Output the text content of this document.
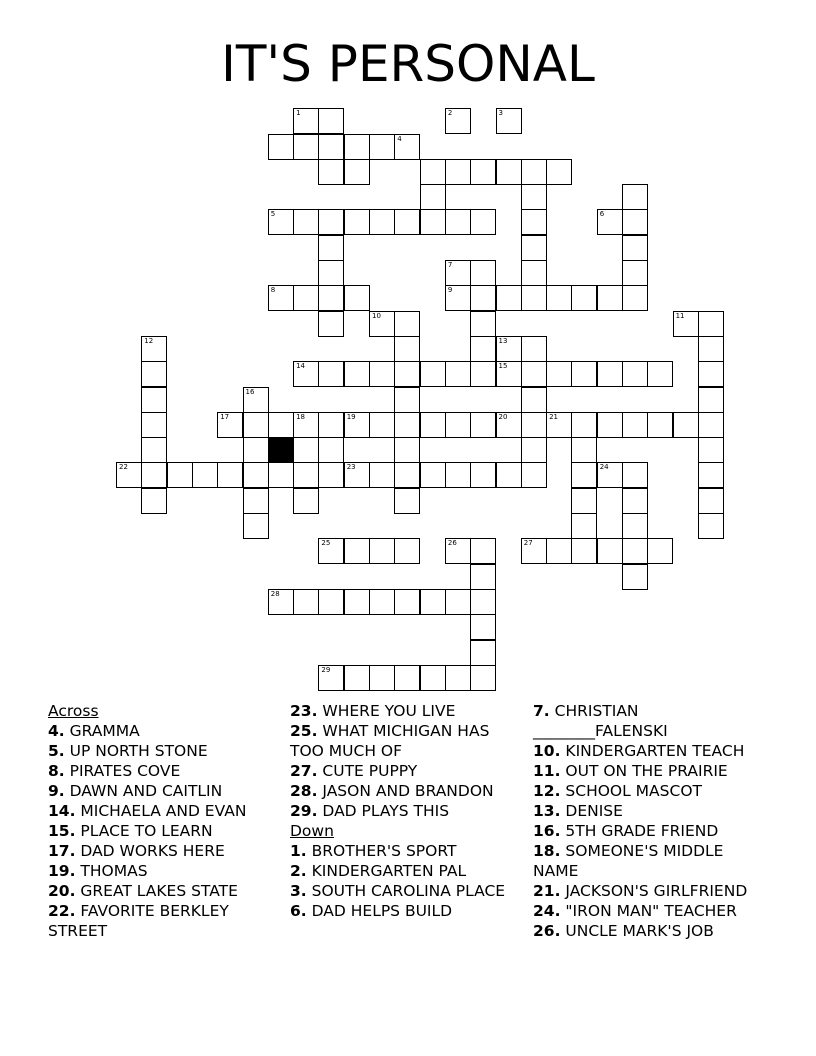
IT'S PERSONAL
4
8
12
16
17	18	21
22
25
28
29
1	2	3
5	6
7
9
10	11
13
14	15
19	20
23	24
26	27
Across
4. GRAMMA
5. UP NORTH STONE
8. PIRATES COVE
9. DAWN AND CAITLIN
14. MICHAELA AND EVAN
15. PLACE TO LEARN
17. DAD WORKS HERE
19. THOMAS
20. GREAT LAKES STATE
22. FAVORITE BERKLEY STREET
23. WHERE YOU LIVE
25. WHAT MICHIGAN HAS TOO MUCH OF
27. CUTE PUPPY
28. JASON AND BRANDON
29. DAD PLAYS THIS
Down
1. BROTHER'S SPORT
2. KINDERGARTEN PAL
3. SOUTH CAROLINA PLACE
6. DAD HELPS BUILD
7. CHRISTIAN ________FALENSKI
10. KINDERGARTEN TEACH
11. OUT ON THE PRAIRIE
12. SCHOOL MASCOT
13. DENISE
16. 5TH GRADE FRIEND
18. SOMEONE'S MIDDLE NAME
21. JACKSON'S GIRLFRIEND
24. "IRON MAN" TEACHER
26. UNCLE MARK'S JOB
